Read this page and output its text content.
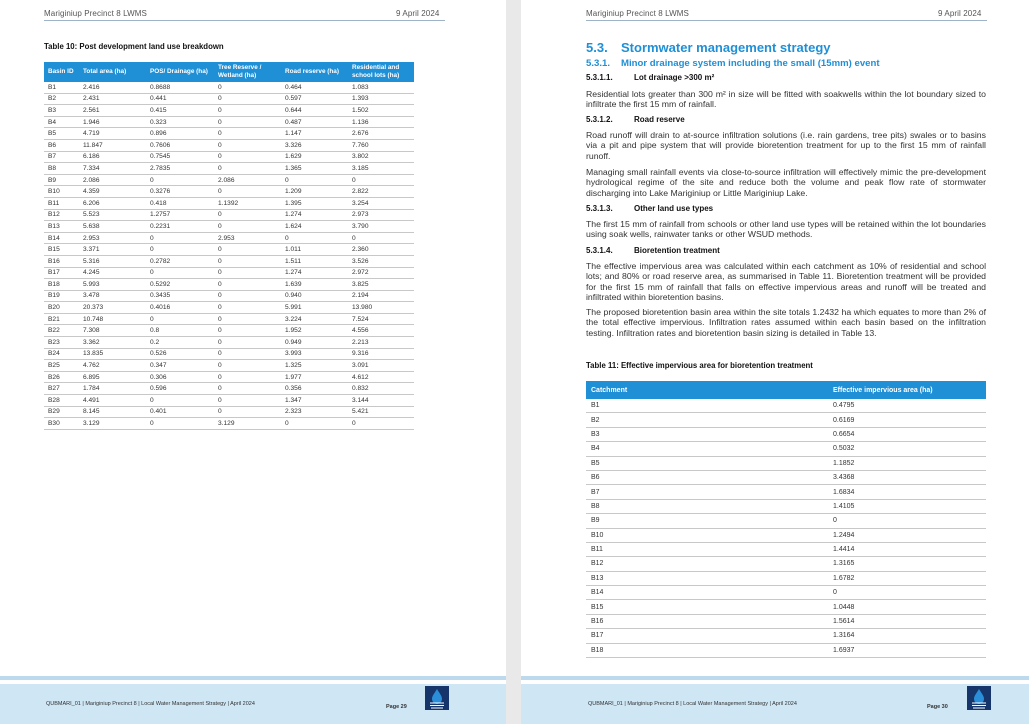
Mariginiup Precinct 8 LWMS	9 April 2024
Table 10: Post development land use breakdown
Basin ID	Total area (ha)	POS/ Drainage (ha)	Tree Reserve / Wetland (ha)	Road reserve (ha)	Residential and school lots (ha)
B1	2.416	0.8688	0	0.464	1.083
B2	2.431	0.441	0	0.597	1.393
B3	2.561	0.415	0	0.644	1.502
B4	1.946	0.323	0	0.487	1.136
B5	4.719	0.896	0	1.147	2.676
B6	11.847	0.7606	0	3.326	7.760
B7	6.186	0.7545	0	1.629	3.802
B8	7.334	2.7835	0	1.365	3.185
B9	2.086	0	2.086	0	0
B10	4.359	0.3276	0	1.209	2.822
B11	6.206	0.418	1.1392	1.395	3.254
B12	5.523	1.2757	0	1.274	2.973
B13	5.638	0.2231	0	1.624	3.790
B14	2.953	0	2.953	0	0
B15	3.371	0	0	1.011	2.360
B16	5.316	0.2782	0	1.511	3.526
B17	4.245	0	0	1.274	2.972
B18	5.993	0.5292	0	1.639	3.825
B19	3.478	0.3435	0	0.940	2.194
B20	20.373	0.4016	0	5.991	13.980
B21	10.748	0	0	3.224	7.524
B22	7.308	0.8	0	1.952	4.556
B23	3.362	0.2	0	0.949	2.213
B24	13.835	0.526	0	3.993	9.316
B25	4.762	0.347	0	1.325	3.091
B26	6.895	0.306	0	1.977	4.612
B27	1.784	0.596	0	0.356	0.832
B28	4.491	0	0	1.347	3.144
B29	8.145	0.401	0	2.323	5.421
B30	3.129	0	3.129	0	0
QUBMARI_01 | Mariginiup Precinct 8 | Local Water Management Strategy | April 2024	Page 29
Mariginiup Precinct 8 LWMS	9 April 2024
5.3. Stormwater management strategy
5.3.1. Minor drainage system including the small (15mm) event
5.3.1.1.	Lot drainage >300 m²

Residential lots greater than 300 m² in size will be fitted with soakwells within the lot boundary sized to infiltrate the first 15 mm of rainfall.

5.3.1.2.	Road reserve

Road runoff will drain to at-source infiltration solutions (i.e. rain gardens, tree pits) swales or to basins via a pit and pipe system that will provide bioretention treatment for up to the first 15 mm of rainfall runoff.

Managing small rainfall events via close-to-source infiltration will effectively mimic the pre-development hydrological regime of the site and reduce both the volume and peak flow rate of stormwater discharging into Lake Mariginiup or Little Mariginiup Lake.

5.3.1.3.	Other land use types

The first 15 mm of rainfall from schools or other land use types will be retained within the lot boundaries using soak wells, rainwater tanks or other WSUD methods.

5.3.1.4.	Bioretention treatment

The effective impervious area was calculated within each catchment as 10% of residential and school lots; and 80% or road reserve area, as summarised in Table 11. Bioretention treatment will be provided for the first 15 mm of rainfall that falls on effective impervious areas and runoff will be treated and infiltrated within bioretention basins.

The proposed bioretention basin area within the site totals 1.2432 ha which equates to more than 2% of the total effective impervious. Infiltration rates assumed within each basin based on the infiltration testing. Infiltration rates and bioretention basin sizing is detailed in Table 13.

Table 11: Effective impervious area for bioretention treatment
Catchment	Effective impervious area (ha)
B1	0.4795
B2	0.6169
B3	0.6654
B4	0.5032
B5	1.1852
B6	3.4368
B7	1.6834
B8	1.4105
B9	0
B10	1.2494
B11	1.4414
B12	1.3165
B13	1.6782
B14	0
B15	1.0448
B16	1.5614
B17	1.3164
B18	1.6937
QUBMARI_01 | Mariginiup Precinct 8 | Local Water Management Strategy | April 2024	Page 30
